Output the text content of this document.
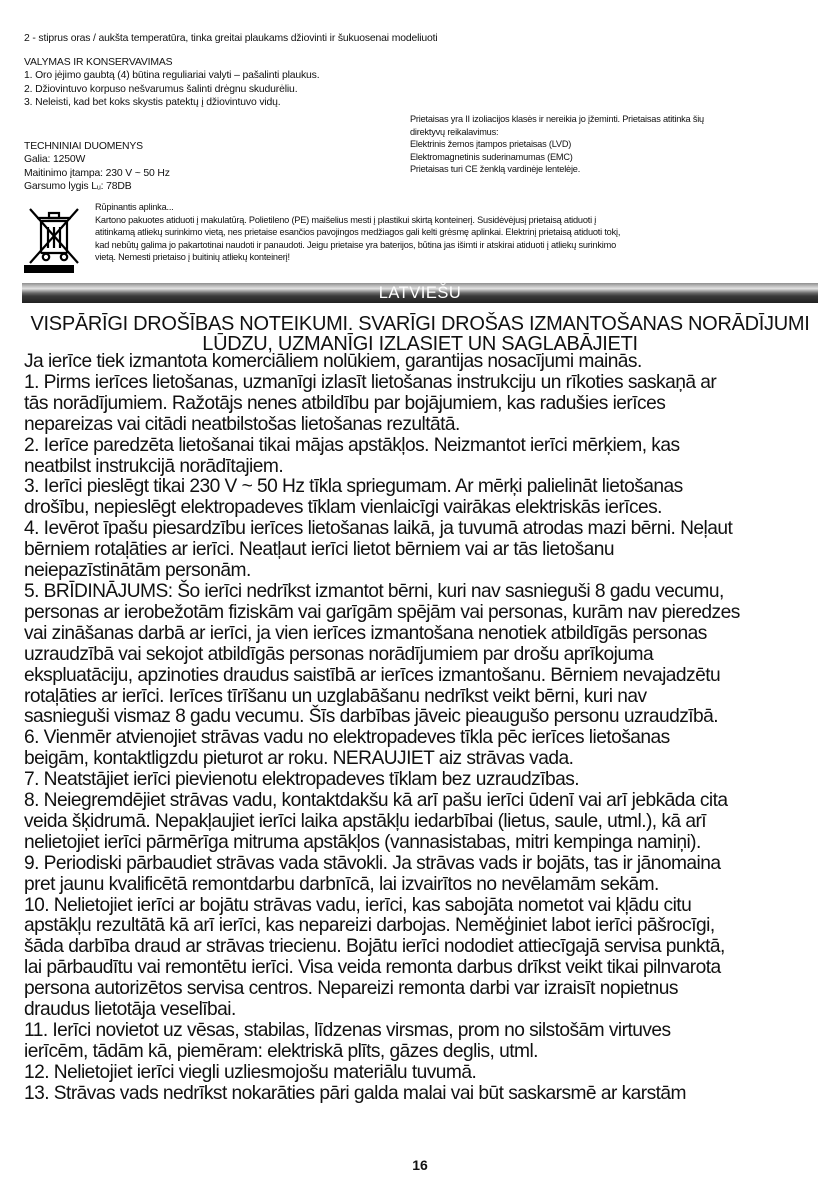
2 - stiprus oras / aukšta temperatūra, tinka greitai plaukams džiovinti ir šukuosenai modeliuoti

VALYMAS IR KONSERVAVIMAS
1. Oro įėjimo gaubtą (4) būtina reguliariai valyti – pašalinti plaukus.
2. Džiovintuvo korpuso nešvarumus šalinti drėgnu skudurėliu.
3. Neleisti, kad bet koks skystis patektų į džiovintuvo vidų.
TECHNINIAI DUOMENYS
Galia: 1250W
Maitinimo įtampa: 230 V ~ 50 Hz
Garsumo lygis Lᵤ: 78DB
Prietaisas yra II izoliacijos klasės ir nereikia jo įžeminti. Prietaisas atitinka šių
direktyvų reikalavimus:
Elektrinis žemos įtampos prietaisas (LVD)
Elektromagnetinis suderinamumas (EMC)
Prietaisas turi CE ženklą vardinėje lentelėje.
Rūpinantis aplinka...
Kartono pakuotes atiduoti į makulatūrą. Polietileno (PE) maišelius mesti į plastikui skirtą konteinerį. Susidėvėjusį prietaisą atiduoti į
atitinkamą atliekų surinkimo vietą, nes prietaise esančios pavojingos medžiagos gali kelti grėsmę aplinkai. Elektrinį prietaisą atiduoti tokį,
kad nebūtų galima jo pakartotinai naudoti ir panaudoti. Jeigu prietaise yra baterijos, būtina jas išimti ir atskirai atiduoti į atliekų surinkimo
vietą. Nemesti prietaiso į buitinių atliekų konteinerį!
LATVIEŠU
VISPĀRĪGI DROŠĪBAS NOTEIKUMI. SVARĪGI DROŠAS IZMANTOŠANAS NORĀDĪJUMI
LŪDZU, UZMANĪGI IZLASIET UN SAGLABĀJIETI
Ja ierīce tiek izmantota komerciāliem nolūkiem, garantijas nosacījumi mainās.
1. Pirms ierīces lietošanas, uzmanīgi izlasīt lietošanas instrukciju un rīkoties saskaņā ar
tās norādījumiem. Ražotājs nenes atbildību par bojājumiem, kas radušies ierīces
nepareizas vai citādi neatbilstošas lietošanas rezultātā.
2. Ierīce paredzēta lietošanai tikai mājas apstākļos. Neizmantot ierīci mērķiem, kas
neatbilst instrukcijā norādītajiem.
3. Ierīci pieslēgt tikai 230 V ~ 50 Hz tīkla spriegumam. Ar mērķi palielināt lietošanas
drošību, nepieslēgt elektropadeves tīklam vienlaicīgi vairākas elektriskās ierīces.
4. Ievērot īpašu piesardzību ierīces lietošanas laikā, ja tuvumā atrodas mazi bērni. Neļaut
bērniem rotaļāties ar ierīci. Neatļaut ierīci lietot bērniem vai ar tās lietošanu
neiepazīstinātām personām.
5. BRĪDINĀJUMS: Šo ierīci nedrīkst izmantot bērni, kuri nav sasnieguši 8 gadu vecumu,
personas ar ierobežotām fiziskām vai garīgām spējām vai personas, kurām nav pieredzes
vai zināšanas darbā ar ierīci, ja vien ierīces izmantošana nenotiek atbildīgās personas
uzraudzībā vai sekojot atbildīgās personas norādījumiem par drošu aprīkojuma
ekspluatāciju, apzinoties draudus saistībā ar ierīces izmantošanu. Bērniem nevajadzētu
rotaļāties ar ierīci. Ierīces tīrīšanu un uzglabāšanu nedrīkst veikt bērni, kuri nav
sasnieguši vismaz 8 gadu vecumu. Šīs darbības jāveic pieaugušo personu uzraudzībā.
6. Vienmēr atvienojiet strāvas vadu no elektropadeves tīkla pēc ierīces lietošanas
beigām, kontaktligzdu pieturot ar roku. NERAUJIET aiz strāvas vada.
7. Neatstājiet ierīci pievienotu elektropadeves tīklam bez uzraudzības.
8. Neiegremdējiet strāvas vadu, kontaktdakšu kā arī pašu ierīci ūdenī vai arī jebkāda cita
veida šķidrumā. Nepakļaujiet ierīci laika apstākļu iedarbībai (lietus, saule, utml.), kā arī
nelietojiet ierīci pārmērīga mitruma apstākļos (vannasistabas, mitri kempinga namiņi).
9. Periodiski pārbaudiet strāvas vada stāvokli. Ja strāvas vads ir bojāts, tas ir jānomaina
pret jaunu kvalificētā remontdarbu darbnīcā, lai izvairītos no nevēlamām sekām.
10. Nelietojiet ierīci ar bojātu strāvas vadu, ierīci, kas sabojāta nometot vai kļādu citu
apstākļu rezultātā kā arī ierīci, kas nepareizi darbojas. Neměģiniet labot ierīci pāšrocīgi,
šāda darbība draud ar strāvas triecienu. Bojātu ierīci nododiet attiecīgajā servisa punktā,
lai pārbaudītu vai remontētu ierīci. Visa veida remonta darbus drīkst veikt tikai pilnvarota
persona autorizētos servisa centros. Nepareizi remonta darbi var izraisīt nopietnus
draudus lietotāja veselībai.
11. Ierīci novietot uz vēsas, stabilas, līdzenas virsmas, prom no silstošām virtuves
ierīcēm, tādām kā, piemēram: elektriskā plīts, gāzes deglis, utml.
12. Nelietojiet ierīci viegli uzliesmojošu materiālu tuvumā.
13. Strāvas vads nedrīkst nokarāties pāri galda malai vai būt saskarsmē ar karstām
16
